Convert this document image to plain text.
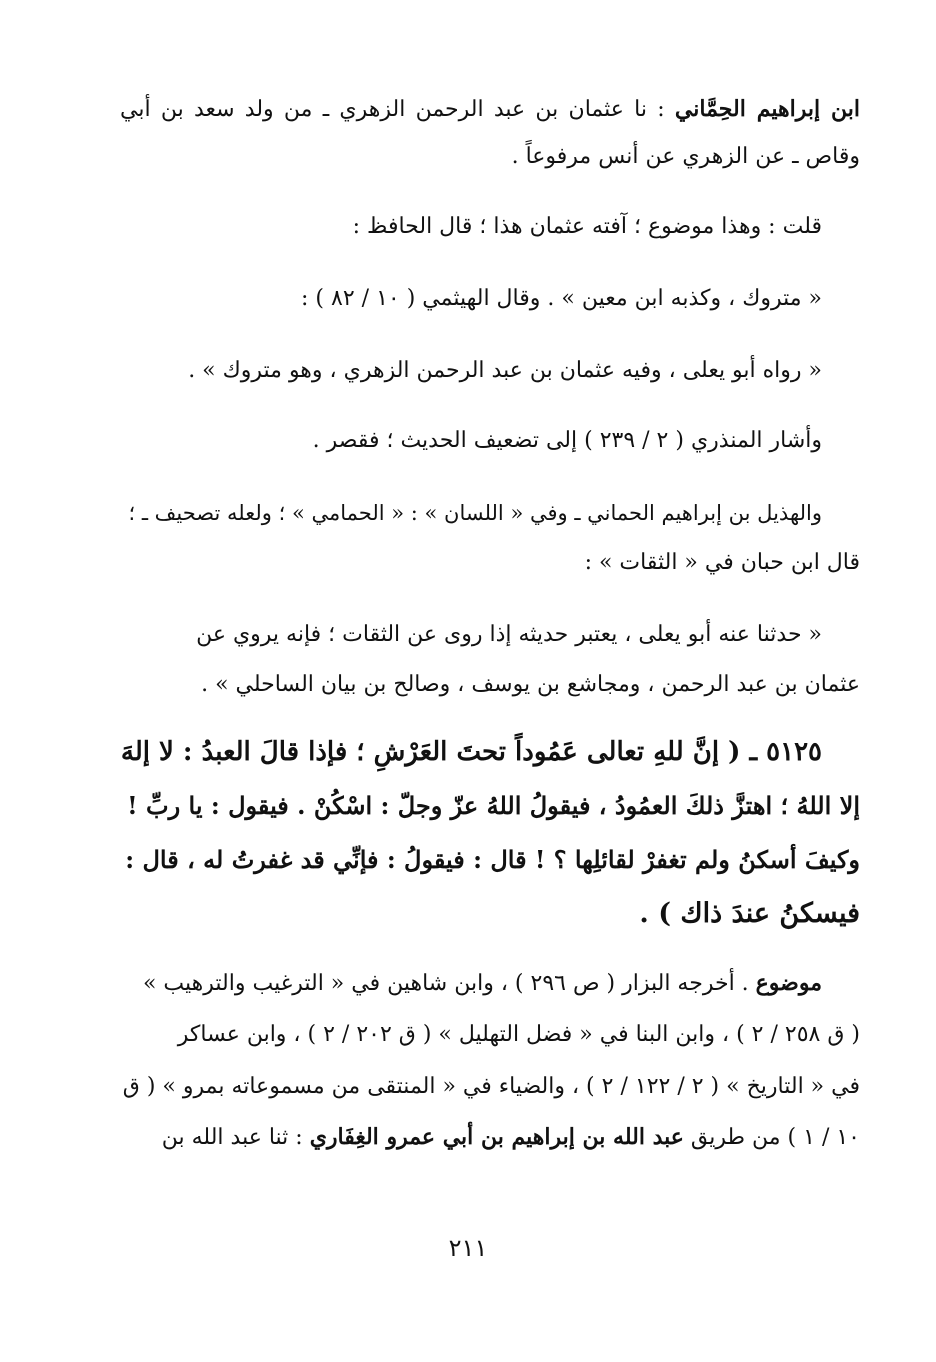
ابن إبراهيم الحِمَّاني : نا عثمان بن عبد الرحمن الزهري ـ من ولد سعد بن أبي
وقاص ـ عن الزهري عن أنس مرفوعاً .
قلت : وهذا موضوع ؛ آفته عثمان هذا ؛ قال الحافظ :
« متروك ، وكذبه ابن معين » . وقال الهيثمي ( ١٠ / ٨٢ ) :
« رواه أبو يعلى ، وفيه عثمان بن عبد الرحمن الزهري ، وهو متروك » .
وأشار المنذري ( ٢ / ٢٣٩ ) إلى تضعيف الحديث ؛ فقصر .
والهذيل بن إبراهيم الحماني ـ وفي « اللسان » : « الحمامي » ؛ ولعله تصحيف ـ ؛
قال ابن حبان في « الثقات » :
« حدثنا عنه أبو يعلى ، يعتبر حديثه إذا روى عن الثقات ؛ فإنه يروي عن
عثمان بن عبد الرحمن ، ومجاشع بن يوسف ، وصالح بن بيان الساحلي » .
٥١٢٥ ـ ( إنَّ للهِ تعالى عَمُوداً تحتَ العَرْشِ ؛ فإذا قالَ العبدُ : لا إلهَ
إلا اللهُ ؛ اهتزَّ ذلكَ العمُودُ ، فيقولُ اللهُ عزّ وجلّ : اسْكُنْ . فيقول : يا ربِّ !
وكيفَ أسكنُ ولم تغفرْ لقائلِها ؟ ! قال : فيقولُ : فإنِّي قد غفرتُ له ، قال :
فيسكنُ عندَ ذاك ) .
موضوع . أخرجه البزار ( ص ٢٩٦ ) ، وابن شاهين في « الترغيب والترهيب »
( ق ٢٥٨ / ٢ ) ، وابن البنا في « فضل التهليل » ( ق ٢٠٢ / ٢ ) ، وابن عساكر
في « التاريخ » ( ٢ / ١٢٢ / ٢ ) ، والضياء في « المنتقى من مسموعاته بمرو » ( ق
١٠ / ١ ) من طريق عبد الله بن إبراهيم بن أبي عمرو الغِفَاري : ثنا عبد الله بن
٢١١
